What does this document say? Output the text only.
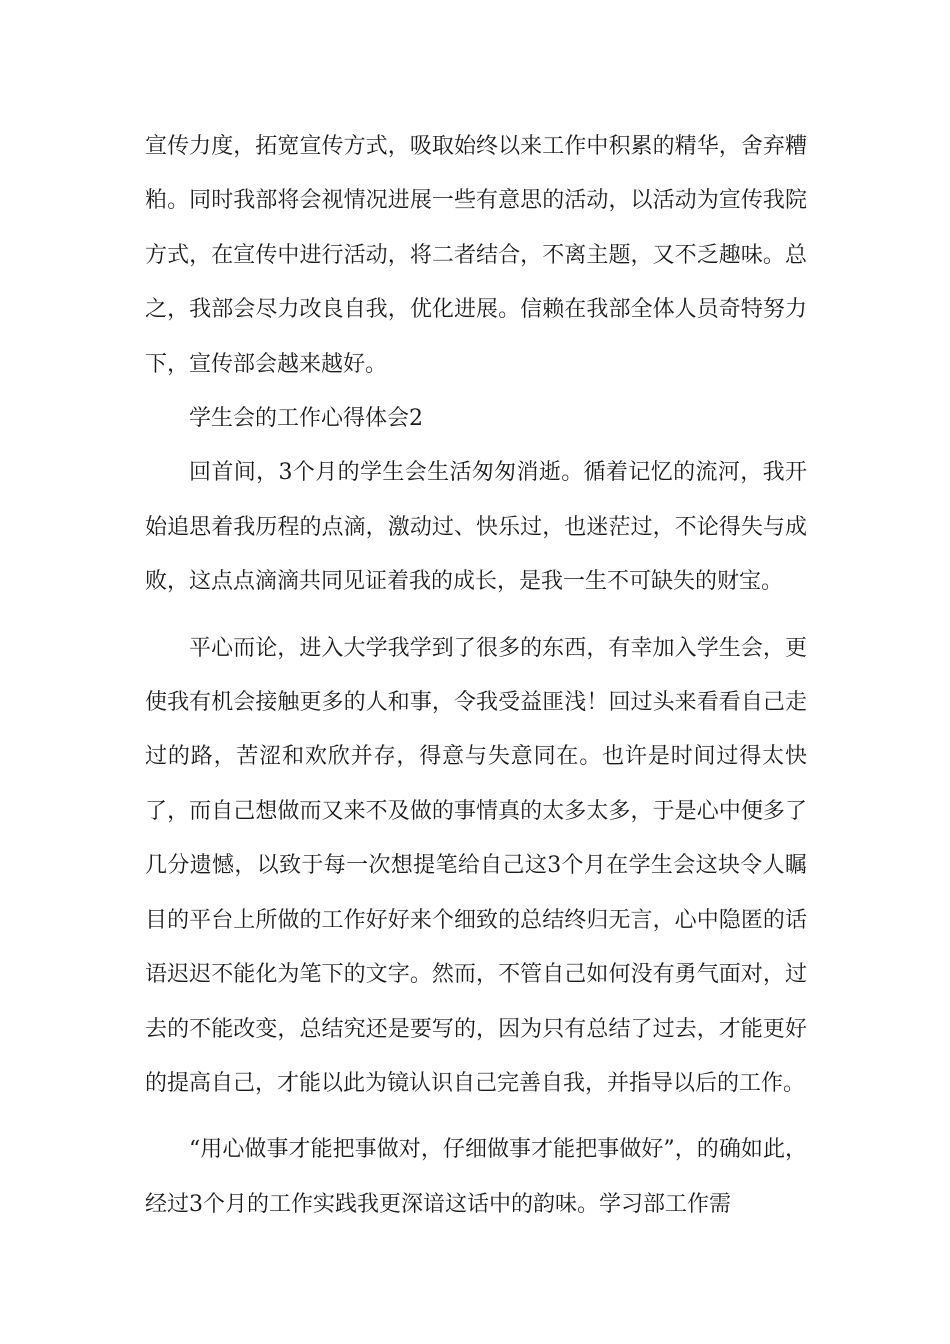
宣传力度，拓宽宣传方式，吸取始终以来工作中积累的精华，舍弃糟粕。同时我部将会视情况进展一些有意思的活动，以活动为宣传我院方式，在宣传中进行活动，将二者结合，不离主题，又不乏趣味。总之，我部会尽力改良自我，优化进展。信赖在我部全体人员奇特努力下，宣传部会越来越好。

学生会的工作心得体会2

回首间，3个月的学生会生活匆匆消逝。循着记忆的流河，我开始追思着我历程的点滴，激动过、快乐过，也迷茫过，不论得失与成败，这点点滴滴共同见证着我的成长，是我一生不可缺失的财宝。

平心而论，进入大学我学到了很多的东西，有幸加入学生会，更使我有机会接触更多的人和事，令我受益匪浅！回过头来看看自己走过的路，苦涩和欢欣并存，得意与失意同在。也许是时间过得太快了，而自己想做而又来不及做的事情真的太多太多，于是心中便多了几分遗憾，以致于每一次想提笔给自己这3个月在学生会这块令人瞩目的平台上所做的工作好好来个细致的总结终归无言，心中隐匿的话语迟迟不能化为笔下的文字。然而，不管自己如何没有勇气面对，过去的不能改变，总结究还是要写的，因为只有总结了过去，才能更好的提高自己，才能以此为镜认识自己完善自我，并指导以后的工作。

“用心做事才能把事做对，仔细做事才能把事做好”，的确如此，经过3个月的工作实践我更深谙这话中的韵味。学习部工作需
